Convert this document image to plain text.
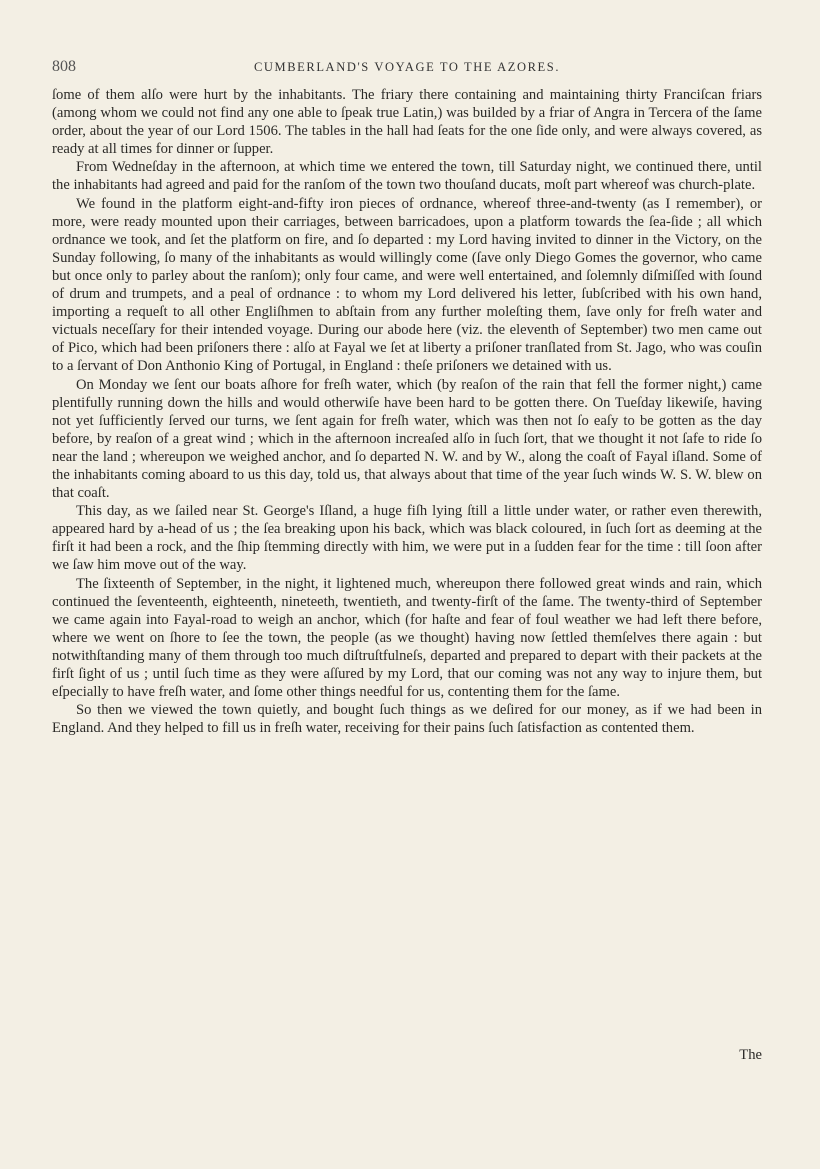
808	CUMBERLAND'S VOYAGE TO THE AZORES.

ſome of them alſo were hurt by the inhabitants. The friary there containing and maintaining thirty Franciſcan friars (among whom we could not find any one able to ſpeak true Latin,) was builded by a friar of Angra in Tercera of the ſame order, about the year of our Lord 1506. The tables in the hall had ſeats for the one ſide only, and were always covered, as ready at all times for dinner or ſupper.

From Wedneſday in the afternoon, at which time we entered the town, till Saturday night, we continued there, until the inhabitants had agreed and paid for the ranſom of the town two thouſand ducats, moſt part whereof was church-plate.

We found in the platform eight-and-fifty iron pieces of ordnance, whereof three-and-twenty (as I remember), or more, were ready mounted upon their carriages, between barricadoes, upon a platform towards the ſea-ſide ; all which ordnance we took, and ſet the platform on fire, and ſo departed : my Lord having invited to dinner in the Victory, on the Sunday following, ſo many of the inhabitants as would willingly come (ſave only Diego Gomes the governor, who came but once only to parley about the ranſom); only four came, and were well entertained, and ſolemnly diſmiſſed with ſound of drum and trumpets, and a peal of ordnance : to whom my Lord delivered his letter, ſubſcribed with his own hand, importing a requeſt to all other Engliſhmen to abſtain from any further moleſting them, ſave only for freſh water and victuals neceſſary for their intended voyage. During our abode here (viz. the eleventh of September) two men came out of Pico, which had been priſoners there : alſo at Fayal we ſet at liberty a priſoner tranſlated from St. Jago, who was couſin to a ſervant of Don Anthonio King of Portugal, in England : theſe priſoners we detained with us.

On Monday we ſent our boats aſhore for freſh water, which (by reaſon of the rain that fell the former night,) came plentifully running down the hills and would otherwiſe have been hard to be gotten there. On Tueſday likewiſe, having not yet ſufficiently ſerved our turns, we ſent again for freſh water, which was then not ſo eaſy to be gotten as the day before, by reaſon of a great wind ; which in the afternoon increaſed alſo in ſuch ſort, that we thought it not ſafe to ride ſo near the land ; whereupon we weighed anchor, and ſo departed N. W. and by W., along the coaſt of Fayal iſland. Some of the inhabitants coming aboard to us this day, told us, that always about that time of the year ſuch winds W. S. W. blew on that coaſt.

This day, as we ſailed near St. George's Iſland, a huge fiſh lying ſtill a little under water, or rather even therewith, appeared hard by a-head of us ; the ſea breaking upon his back, which was black coloured, in ſuch ſort as deeming at the firſt it had been a rock, and the ſhip ſtemming directly with him, we were put in a ſudden fear for the time : till ſoon after we ſaw him move out of the way.

The ſixteenth of September, in the night, it lightened much, whereupon there followed great winds and rain, which continued the ſeventeenth, eighteenth, nineteeth, twentieth, and twenty-firſt of the ſame. The twenty-third of September we came again into Fayal-road to weigh an anchor, which (for haſte and fear of foul weather we had left there before, where we went on ſhore to ſee the town, the people (as we thought) having now ſettled themſelves there again : but notwithſtanding many of them through too much diſtruſtfulneſs, departed and prepared to depart with their packets at the firſt ſight of us ; until ſuch time as they were aſſured by my Lord, that our coming was not any way to injure them, but eſpecially to have freſh water, and ſome other things needful for us, contenting them for the ſame.

So then we viewed the town quietly, and bought ſuch things as we deſired for our money, as if we had been in England. And they helped to fill us in freſh water, receiving for their pains ſuch ſatisfaction as contented them.

The
